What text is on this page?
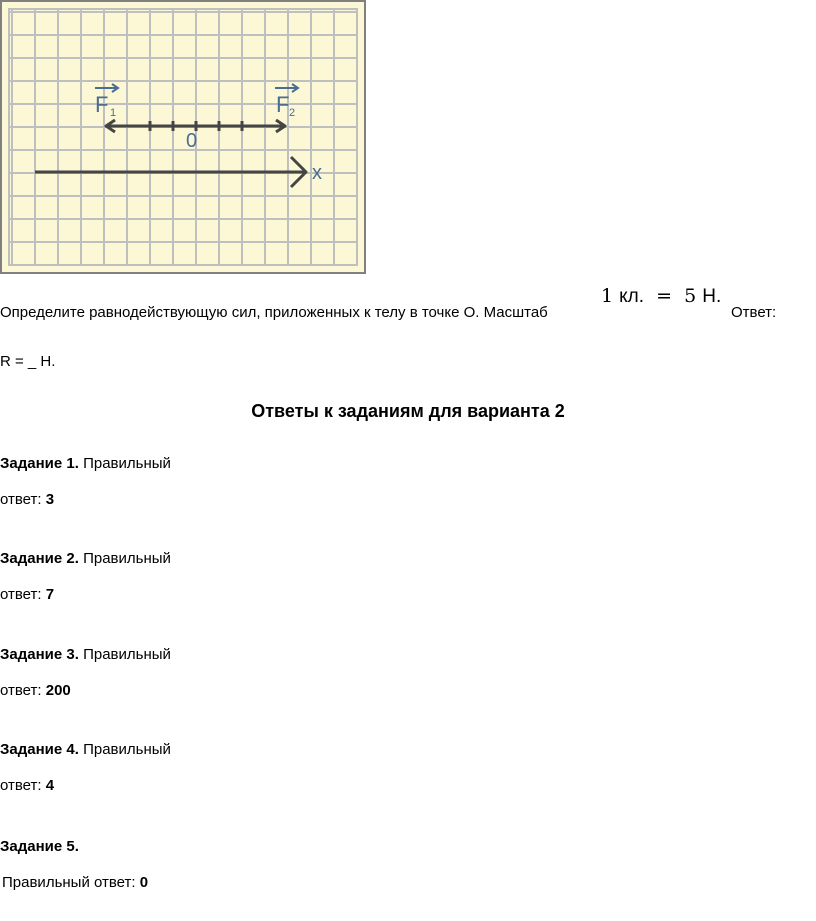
F 1	F 2
0
x
Определите равнодействующую сил, приложенных к телу в точке О. Масштаб
1 кл. = 5 Н.
Ответ:
R = _ Н.
Ответы к заданиям для варианта 2
Задание 1. Правильный
ответ: 3
Задание 2. Правильный
ответ: 7
Задание 3. Правильный
ответ: 200
Задание 4. Правильный
ответ: 4
Задание 5.
Правильный ответ: 0
